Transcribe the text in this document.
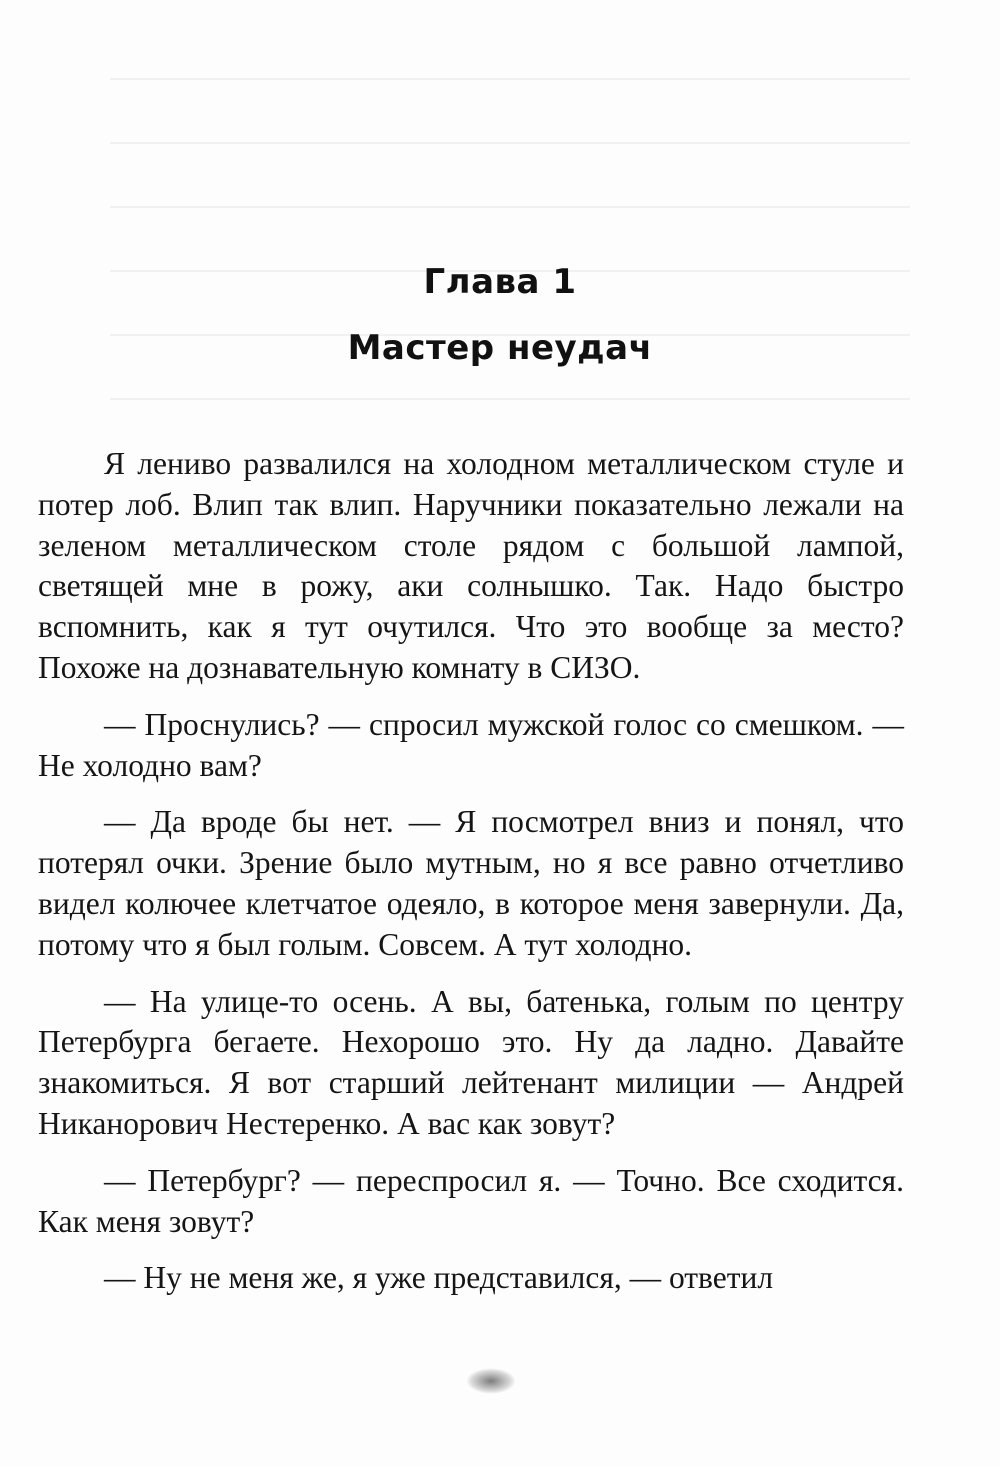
Глава 1
Мастер неудач

Я лениво развалился на холодном металлическом стуле и потер лоб. Влип так влип. Наручники показательно лежали на зеленом металлическом столе рядом с большой лампой, светящей мне в рожу, аки солнышко. Так. Надо быстро вспомнить, как я тут очутился. Что это вообще за место? Похоже на дознавательную комнату в СИЗО.

— Проснулись? — спросил мужской голос со смешком. — Не холодно вам?

— Да вроде бы нет. — Я посмотрел вниз и понял, что потерял очки. Зрение было мутным, но я все равно отчетливо видел колючее клетчатое одеяло, в которое меня завернули. Да, потому что я был голым. Совсем. А тут холодно.

— На улице-то осень. А вы, батенька, голым по центру Петербурга бегаете. Нехорошо это. Ну да ладно. Давайте знакомиться. Я вот старший лейтенант милиции — Андрей Никанорович Нестеренко. А вас как зовут?

— Петербург? — переспросил я. — Точно. Все сходится. Как меня зовут?

— Ну не меня же, я уже представился, — ответил
